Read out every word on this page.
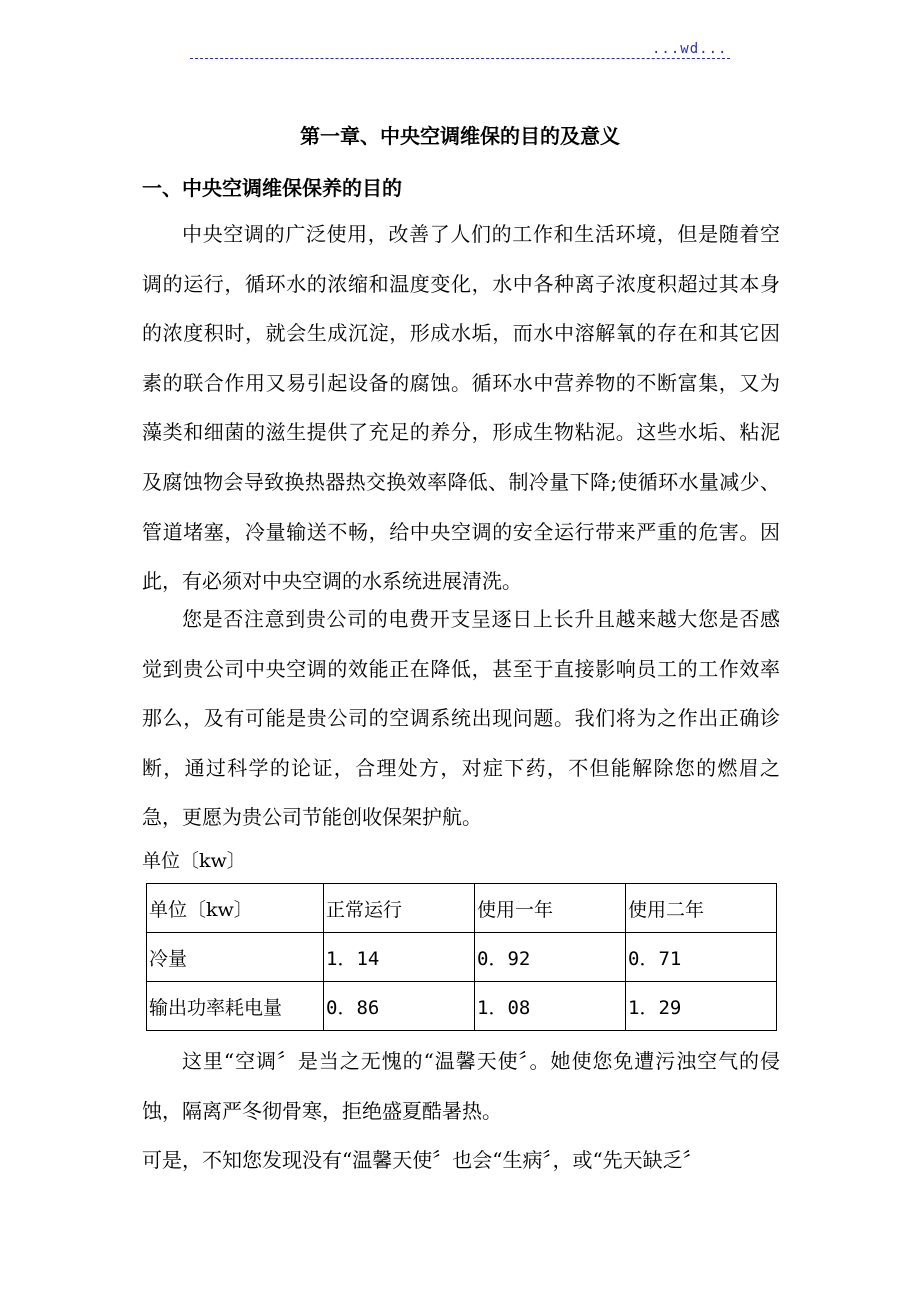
...wd...
第一章、中央空调维保的目的及意义
一、中央空调维保保养的目的

中央空调的广泛使用，改善了人们的工作和生活环境，但是随着空调的运行，循环水的浓缩和温度变化，水中各种离子浓度积超过其本身的浓度积时，就会生成沉淀，形成水垢，而水中溶解氧的存在和其它因素的联合作用又易引起设备的腐蚀。循环水中营养物的不断富集，又为藻类和细菌的滋生提供了充足的养分，形成生物粘泥。这些水垢、粘泥及腐蚀物会导致换热器热交换效率降低、制冷量下降;使循环水量减少、管道堵塞，冷量输送不畅，给中央空调的安全运行带来严重的危害。因此，有必须对中央空调的水系统进展清洗。

您是否注意到贵公司的电费开支呈逐日上长升且越来越大您是否感觉到贵公司中央空调的效能正在降低，甚至于直接影响员工的工作效率那么，及有可能是贵公司的空调系统出现问题。我们将为之作出正确诊断，通过科学的论证，合理处方，对症下药，不但能解除您的燃眉之急，更愿为贵公司节能创收保架护航。

单位〔kw〕
单位〔kw〕	正常运行	使用一年	使用二年
冷量	1．14	0．92	0．71
输出功率耗电量	0．86	1．08	1．29

这里“空调〞是当之无愧的“温馨天使〞。她使您免遭污浊空气的侵蚀，隔离严冬彻骨寒，拒绝盛夏酷暑热。

可是，不知您发现没有“温馨天使〞也会“生病〞，或“先天缺乏〞
